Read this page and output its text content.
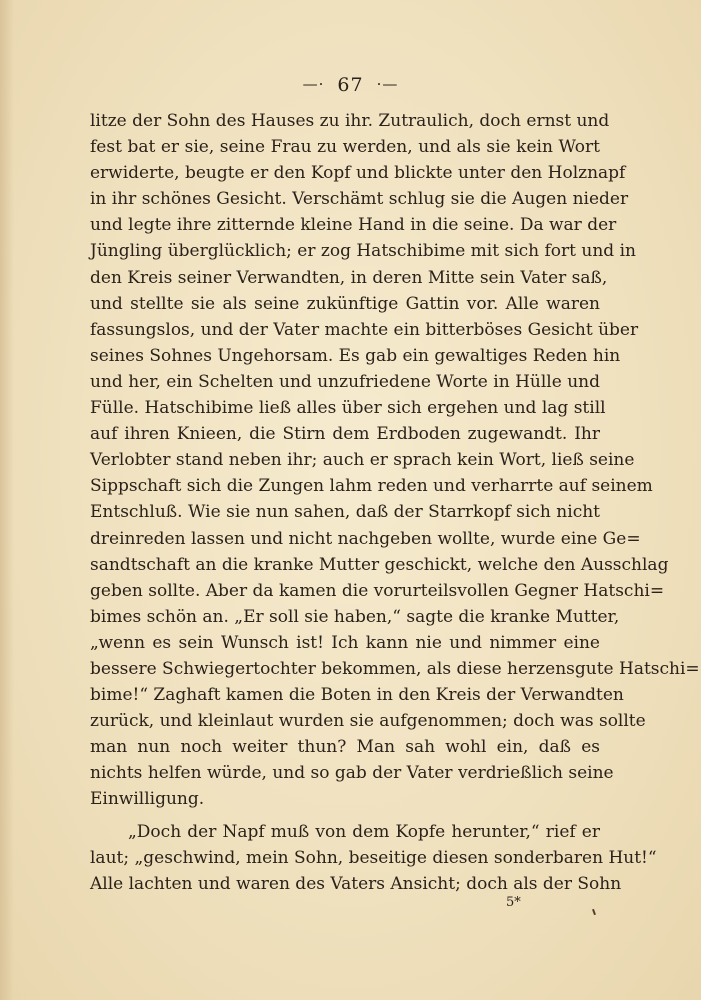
—· 67 ·—
litze der Sohn des Hauses zu ihr. Zutraulich, doch ernst und
fest bat er sie, seine Frau zu werden, und als sie kein Wort
erwiderte, beugte er den Kopf und blickte unter den Holznapf
in ihr schönes Gesicht. Verschämt schlug sie die Augen nieder
und legte ihre zitternde kleine Hand in die seine. Da war der
Jüngling überglücklich; er zog Hatschibime mit sich fort und in
den Kreis seiner Verwandten, in deren Mitte sein Vater saß,
und stellte sie als seine zukünftige Gattin vor. Alle waren
fassungslos, und der Vater machte ein bitterböses Gesicht über
seines Sohnes Ungehorsam. Es gab ein gewaltiges Reden hin
und her, ein Schelten und unzufriedene Worte in Hülle und
Fülle. Hatschibime ließ alles über sich ergehen und lag still
auf ihren Knieen, die Stirn dem Erdboden zugewandt. Ihr
Verlobter stand neben ihr; auch er sprach kein Wort, ließ seine
Sippschaft sich die Zungen lahm reden und verharrte auf seinem
Entschluß. Wie sie nun sahen, daß der Starrkopf sich nicht
dreinreden lassen und nicht nachgeben wollte, wurde eine Ge=
sandtschaft an die kranke Mutter geschickt, welche den Ausschlag
geben sollte. Aber da kamen die vorurteilsvollen Gegner Hatschi=
bimes schön an. „Er soll sie haben,“ sagte die kranke Mutter,
„wenn es sein Wunsch ist! Ich kann nie und nimmer eine
bessere Schwiegertochter bekommen, als diese herzensgute Hatschi=
bime!“ Zaghaft kamen die Boten in den Kreis der Verwandten
zurück, und kleinlaut wurden sie aufgenommen; doch was sollte
man nun noch weiter thun? Man sah wohl ein, daß es
nichts helfen würde, und so gab der Vater verdrießlich seine
Einwilligung.
„Doch der Napf muß von dem Kopfe herunter,“ rief er
laut; „geschwind, mein Sohn, beseitige diesen sonderbaren Hut!“
Alle lachten und waren des Vaters Ansicht; doch als der Sohn
5*
